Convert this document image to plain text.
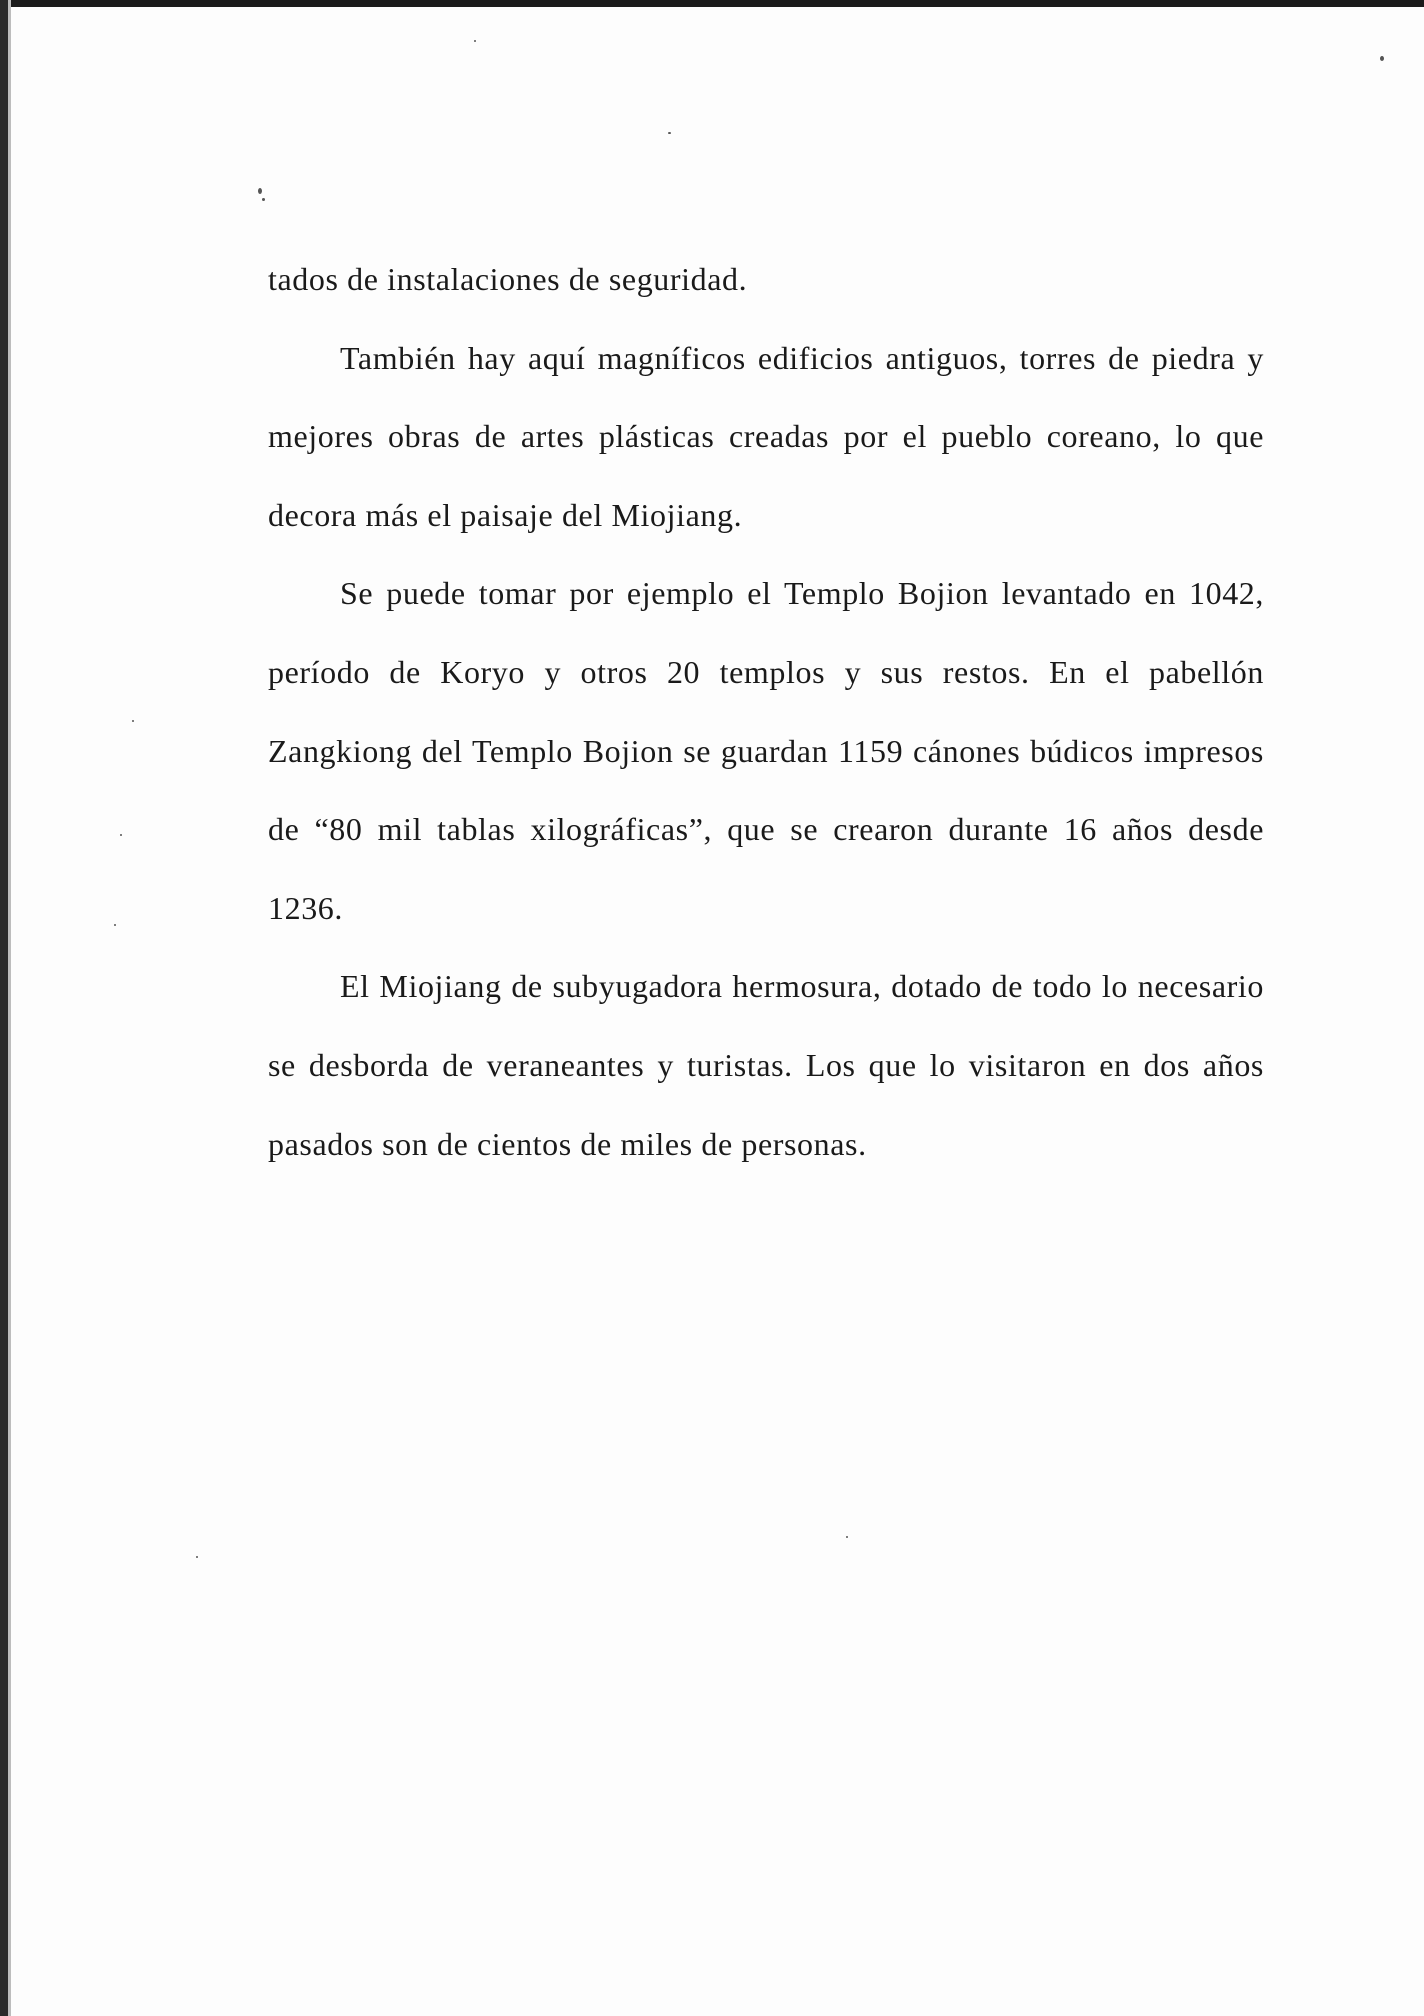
tados de instalaciones de seguridad.

También hay aquí magníficos edificios antiguos, torres de piedra y mejores obras de artes plásticas creadas por el pueblo coreano, lo que decora más el paisaje del Miojiang.

Se puede tomar por ejemplo el Templo Bojion levantado en 1042, período de Koryo y otros 20 templos y sus restos. En el pabellón Zangkiong del Templo Bojion se guardan 1159 cánones búdicos impresos de “80 mil tablas xilográficas”, que se crearon durante 16 años desde 1236.

El Miojiang de subyugadora hermosura, dotado de todo lo necesario se desborda de veraneantes y turistas. Los que lo visitaron en dos años pasados son de cientos de miles de personas.
